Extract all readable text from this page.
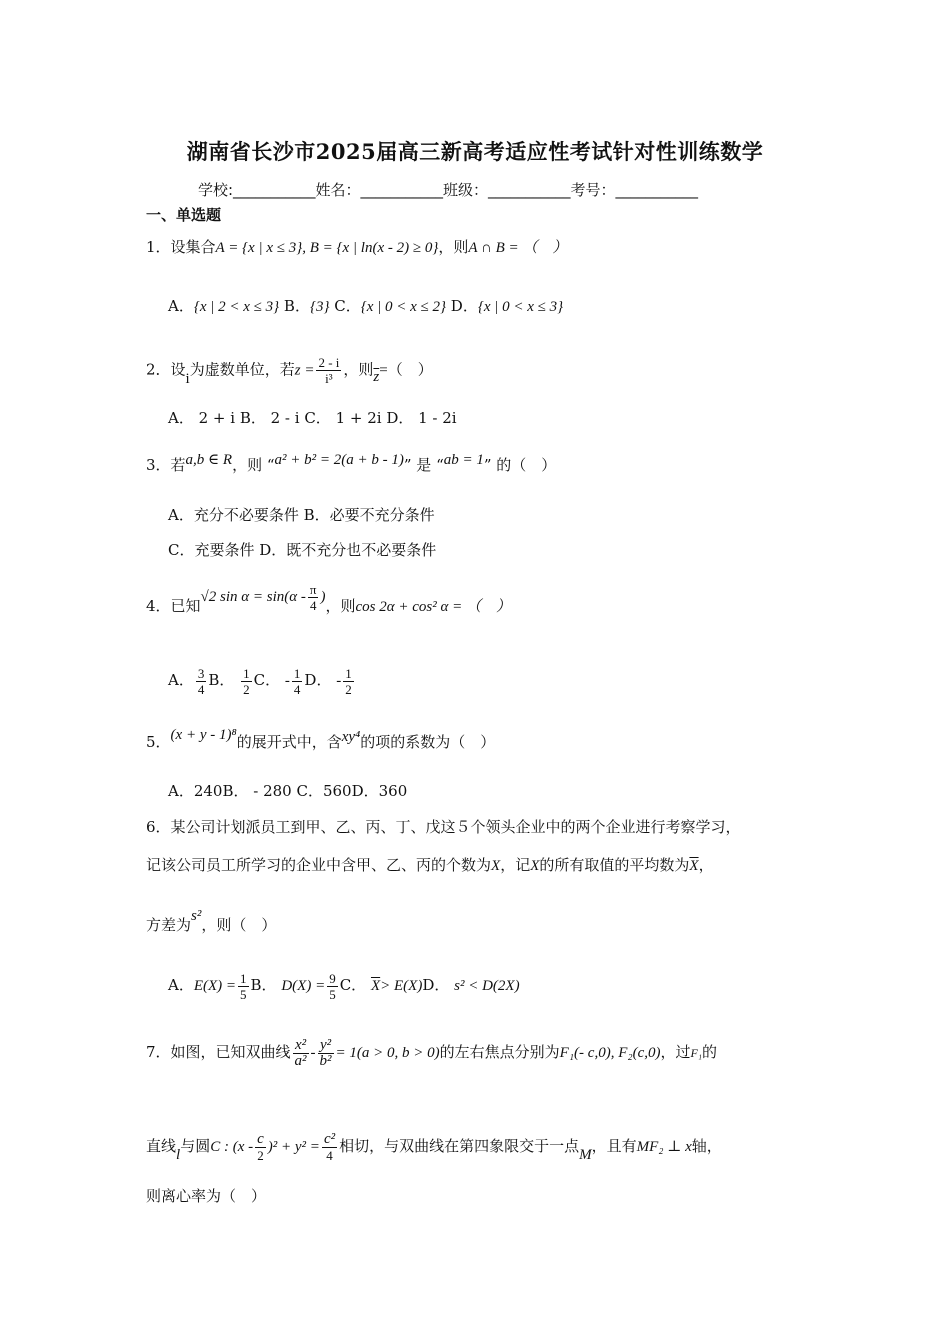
湖南省长沙市2025届高三新高考适应性考试针对性训练数学
学校:___________姓名：___________班级：___________考号：___________
一、单选题
1．设集合A = {x | x ≤ 3}, B = {x | ln(x - 2) ≥ 0}，则A ∩ B = （　）
A．{x | 2 < x ≤ 3} B．{3} C．{x | 0 < x ≤ 2} D．{x | 0 < x ≤ 3}
2．设i为虚数单位，若$z = \frac{2 - i}{\text{i³}}$ ，则$\overline{z}=$（　）
A． 2 + i B． 2 - i C． 1 + 2i D． 1 - 2i
3．若a,b ∈ R，则 “a² + b² = 2(a + b - 1)” 是 “ab = 1” 的（　）
A．充分不必要条件 B．必要不充分条件
C．充要条件 D．既不充分也不必要条件
4．已知√2 $\sin \alpha = \sin(\alpha - \frac{\pi}{4}$ )，则cos 2α + cos² α = （　）
A． $\frac{3}{4}$ B． $\frac{1}{2}$ C． - $\frac{1}{4}$ D． - $\frac{1}{2}$
5．(x + y - 1)⁸的展开式中，含xy⁴的项的系数为（　）
A．240B． - 280 C．560D．360
6．某公司计划派员工到甲、乙、丙、丁、戊这５个领头企业中的两个企业进行考察学习，
记该公司员工所学习的企业中含甲、乙、丙的个数为X，记X的所有取值的平均数为$\overline{X}$，
方差为s²，则（　）
A．$E(X) = \frac{1}{5}$ B． $D(X) = \frac{9}{5}$ C． $\overline{X}> E(X)D$． s² < D(2X)
7．如图，已知双曲线 $\frac{\text{x²}}{\text{a²}} - \frac{\text{y²}}{\text{b²}} = 1(a > 0$, b > 0)的左右焦点分别为F₁(- c,0), F₂(c,0)，过F₁的
直线l与圆C : $(x - \frac{c}{2} )^2 + y^2 = \frac{\text{c²}}{4}$ 相切，与双曲线在第四象限交于一点M，且有MF₂ ⊥ x轴，
则离心率为（　）
